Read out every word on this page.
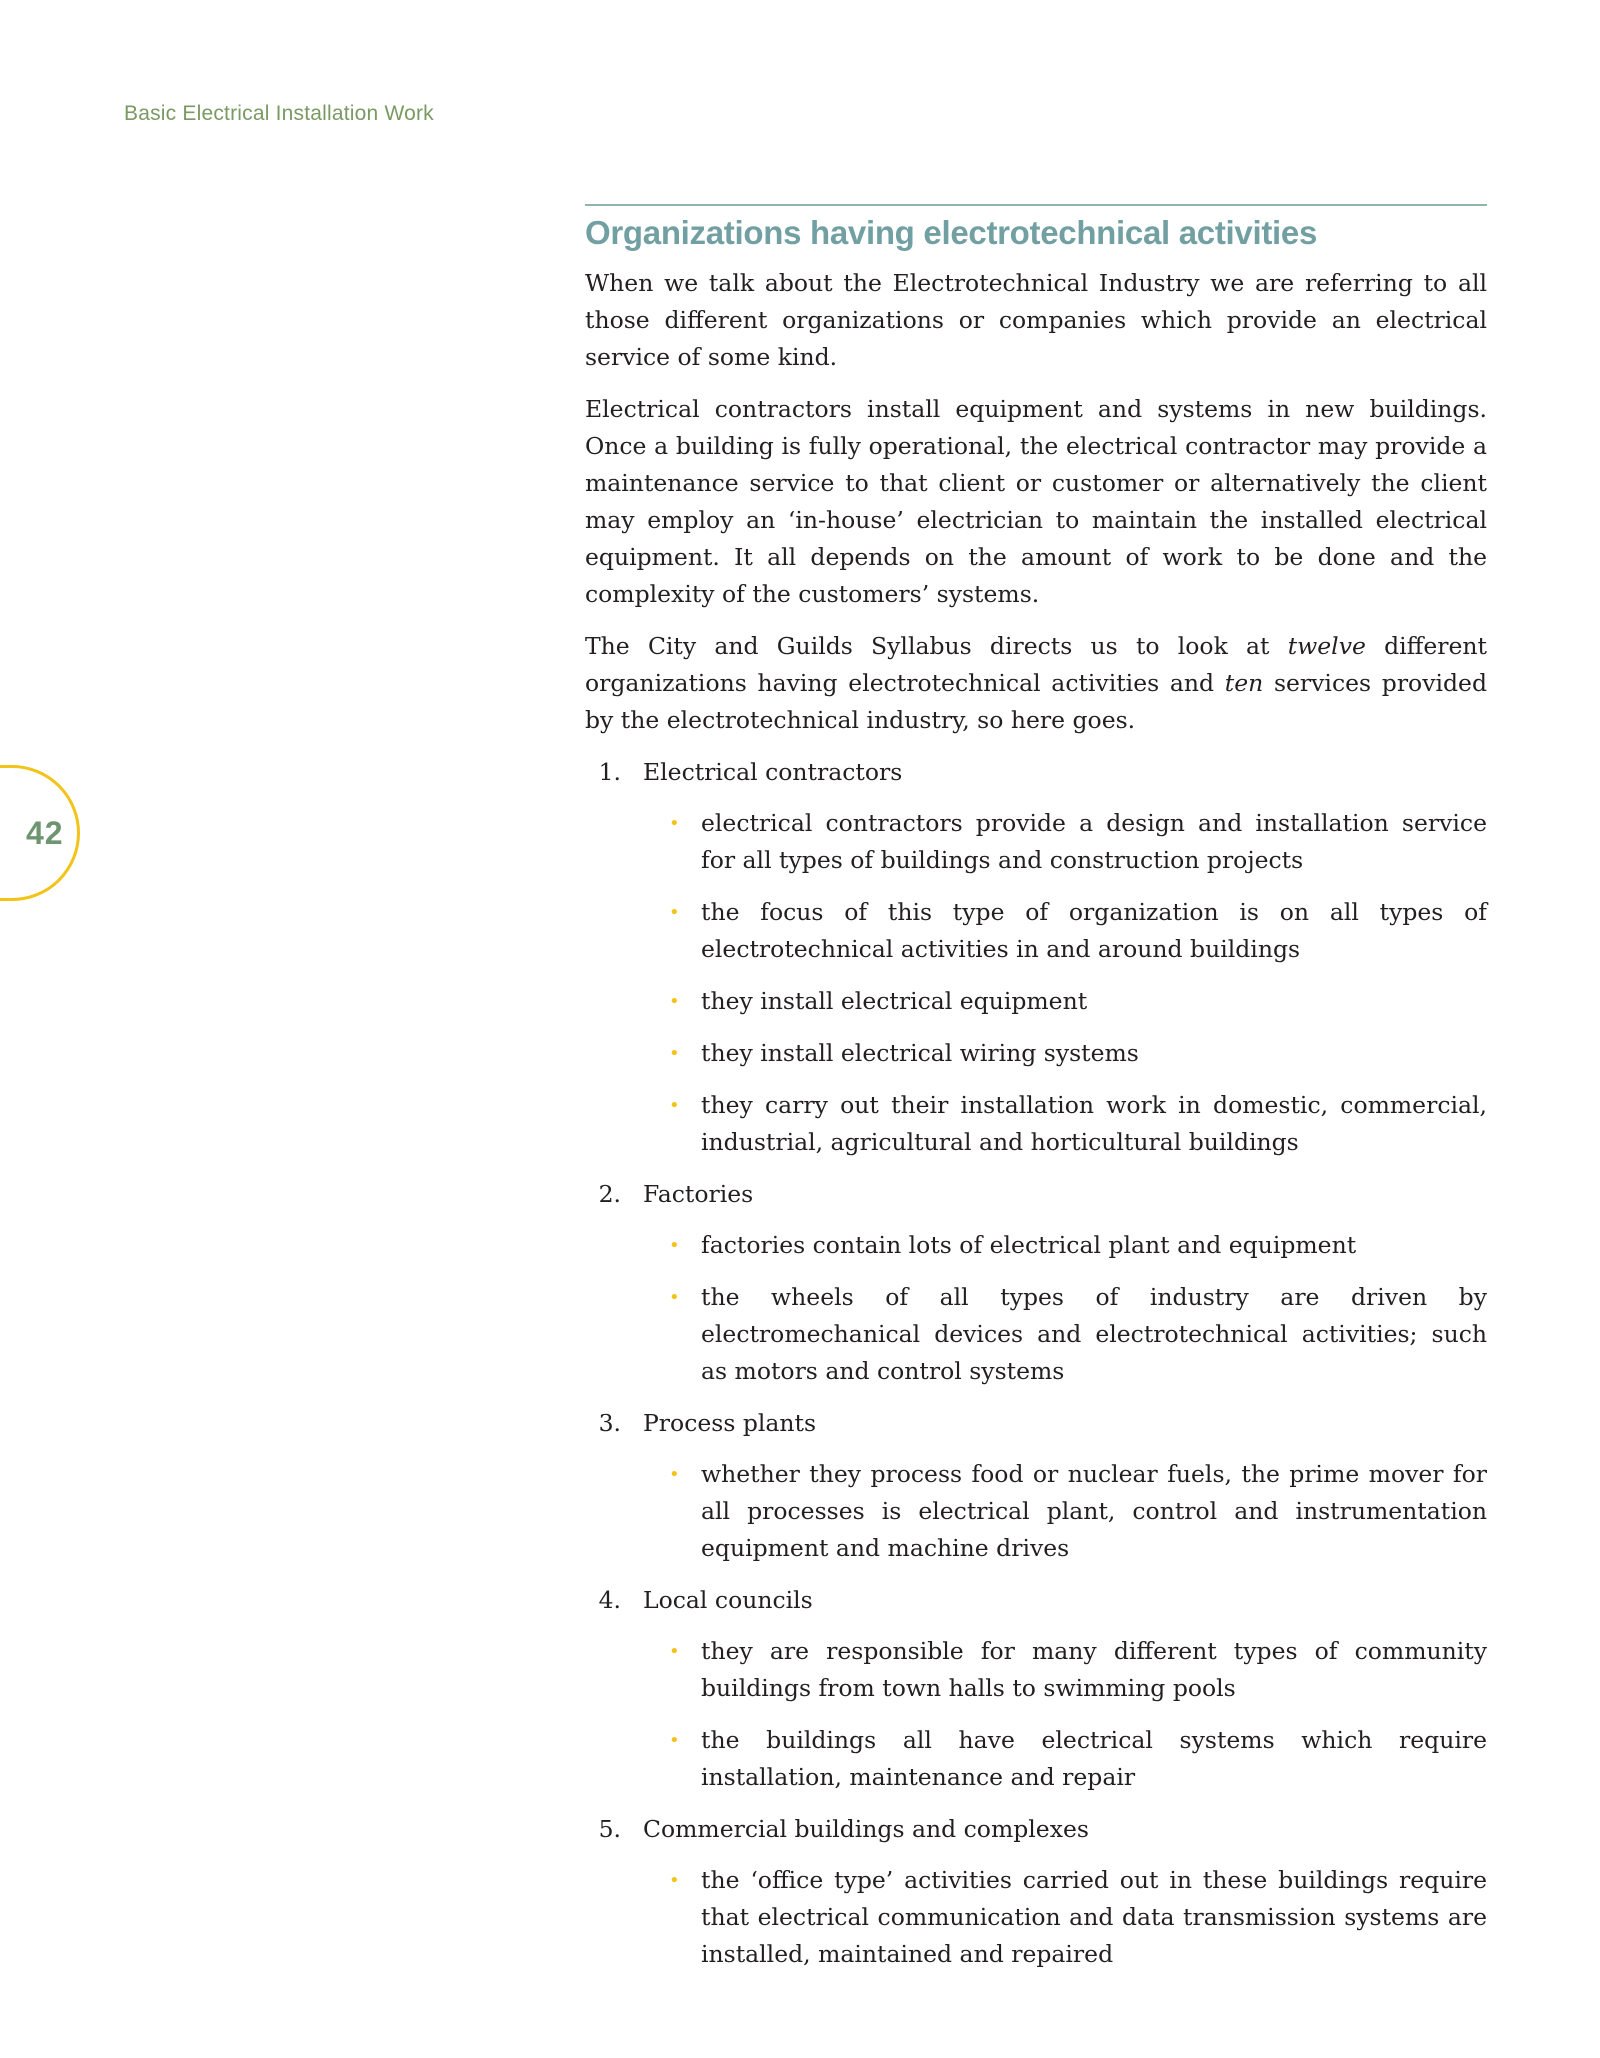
Basic Electrical Installation Work
42
Organizations having electrotechnical activities

When we talk about the Electrotechnical Industry we are referring to all those different organizations or companies which provide an electrical service of some kind.

Electrical contractors install equipment and systems in new buildings. Once a building is fully operational, the electrical contractor may provide a maintenance service to that client or customer or alternatively the client may employ an ‘in-house’ electrician to maintain the installed electrical equipment. It all depends on the amount of work to be done and the complexity of the customers’ systems.

The City and Guilds Syllabus directs us to look at twelve different organizations having electrotechnical activities and ten services provided by the electrotechnical industry, so here goes.

1. Electrical contractors
• electrical contractors provide a design and installation service for all types of buildings and construction projects
• the focus of this type of organization is on all types of electrotechnical activities in and around buildings
• they install electrical equipment
• they install electrical wiring systems
• they carry out their installation work in domestic, commercial, industrial, agricultural and horticultural buildings
2. Factories
• factories contain lots of electrical plant and equipment
• the wheels of all types of industry are driven by electromechanical devices and electrotechnical activities; such as motors and control systems
3. Process plants
• whether they process food or nuclear fuels, the prime mover for all processes is electrical plant, control and instrumentation equipment and machine drives
4. Local councils
• they are responsible for many different types of community buildings from town halls to swimming pools
• the buildings all have electrical systems which require installation, maintenance and repair
5. Commercial buildings and complexes
• the ‘office type’ activities carried out in these buildings require that electrical communication and data transmission systems are installed, maintained and repaired
